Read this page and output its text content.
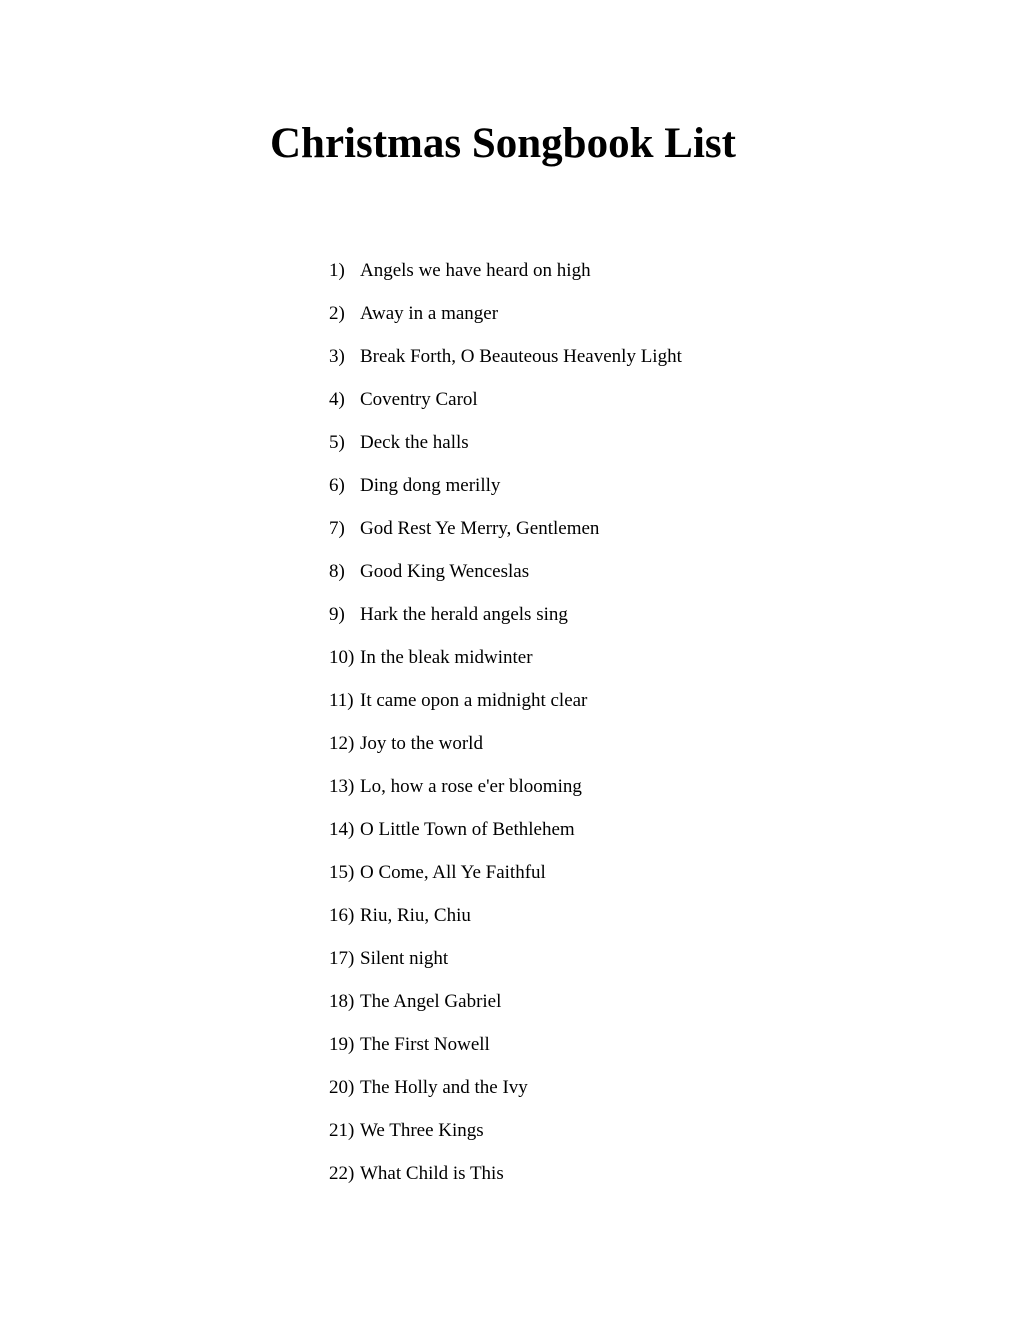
Christmas Songbook List
1) Angels we have heard on high
2) Away in a manger
3) Break Forth, O Beauteous Heavenly Light
4) Coventry Carol
5) Deck the halls
6) Ding dong merilly
7) God Rest Ye Merry, Gentlemen
8) Good King Wenceslas
9) Hark the herald angels sing
10) In the bleak midwinter
11) It came opon a midnight clear
12) Joy to the world
13) Lo, how a rose e'er blooming
14) O Little Town of Bethlehem
15) O Come, All Ye Faithful
16) Riu, Riu, Chiu
17) Silent night
18) The Angel Gabriel
19) The First Nowell
20) The Holly and the Ivy
21) We Three Kings
22) What Child is This
